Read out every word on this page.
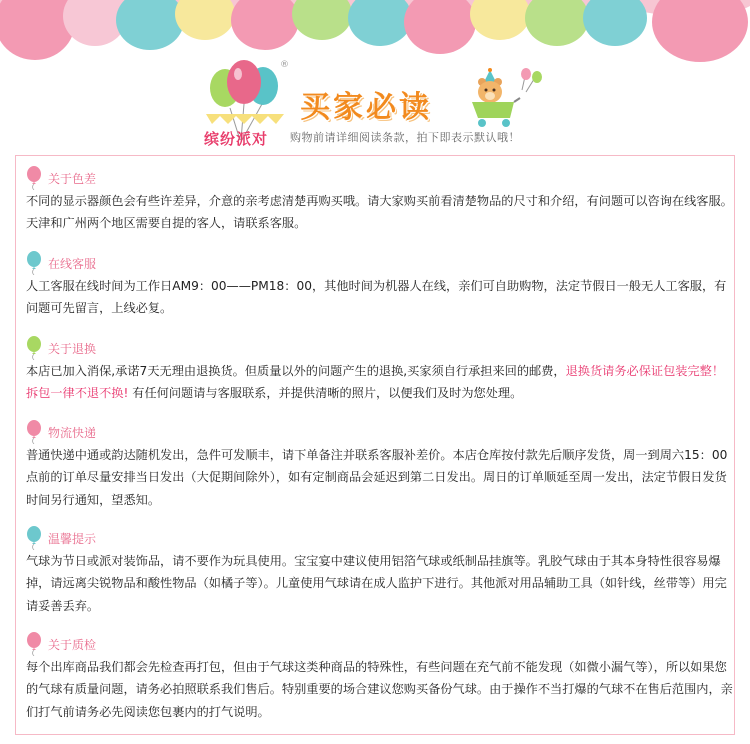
®
缤纷派对
买家必读
购物前请详细阅读条款，拍下即表示默认哦！
关于色差

不同的显示器颜色会有些许差异，介意的亲考虑清楚再购买哦。请大家购买前看清楚物品的尺寸和介绍，有问题可以咨询在线客服。天津和广州两个地区需要自提的客人，请联系客服。

在线客服

人工客服在线时间为工作日AM9：00——PM18：00，其他时间为机器人在线，亲们可自助购物，法定节假日一般无人工客服，有问题可先留言，上线必复。

关于退换

本店已加入消保,承诺7天无理由退换货。但质量以外的问题产生的退换,买家须自行承担来回的邮费，退换货请务必保证包装完整！拆包一律不退不换! 有任何问题请与客服联系，并提供清晰的照片，以便我们及时为您处理。

物流快递

普通快递中通或韵达随机发出，急件可发顺丰，请下单备注并联系客服补差价。本店仓库按付款先后顺序发货，周一到周六15：00点前的订单尽量安排当日发出（大促期间除外），如有定制商品会延迟到第二日发出。周日的订单顺延至周一发出，法定节假日发货时间另行通知，望悉知。

温馨提示

气球为节日或派对装饰品，请不要作为玩具使用。宝宝宴中建议使用铝箔气球或纸制品挂旗等。乳胶气球由于其本身特性很容易爆掉，请远离尖锐物品和酸性物品（如橘子等）。儿童使用气球请在成人监护下进行。其他派对用品辅助工具（如针线，丝带等）用完请妥善丢弃。

关于质检

每个出库商品我们都会先检查再打包，但由于气球这类种商品的特殊性，有些问题在充气前不能发现（如微小漏气等），所以如果您的气球有质量问题，请务必拍照联系我们售后。特别重要的场合建议您购买备份气球。由于操作不当打爆的气球不在售后范围内，亲们打气前请务必先阅读您包裹内的打气说明。
